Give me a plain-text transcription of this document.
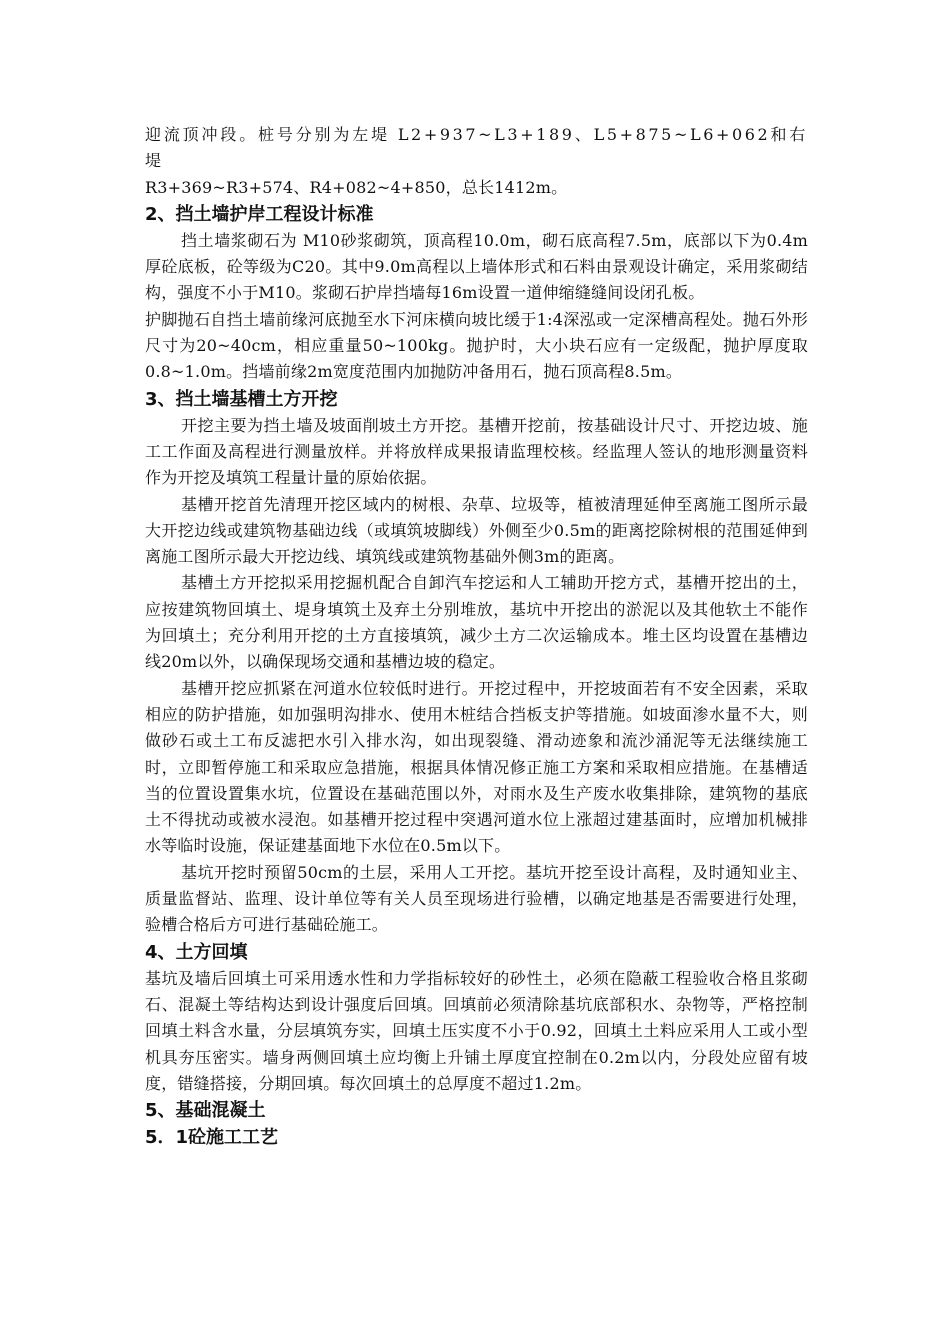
迎流顶冲段。桩号分别为左堤 L2+937~L3+189、L5+875~L6+062和右堤

R3+369~R3+574、R4+082~4+850，总长1412m。

2、挡土墙护岸工程设计标准

挡土墙浆砌石为 M10砂浆砌筑，顶高程10.0m，砌石底高程7.5m，底部以下为0.4m厚砼底板，砼等级为C20。其中9.0m高程以上墙体形式和石料由景观设计确定，采用浆砌结构，强度不小于M10。浆砌石护岸挡墙每16m设置一道伸缩缝缝间设闭孔板。

护脚抛石自挡土墙前缘河底抛至水下河床横向坡比缓于1:4深泓或一定深槽高程处。抛石外形尺寸为20~40cm，相应重量50~100kg。抛护时，大小块石应有一定级配，抛护厚度取0.8~1.0m。挡墙前缘2m宽度范围内加抛防冲备用石，抛石顶高程8.5m。

3、挡土墙基槽土方开挖

开挖主要为挡土墙及坡面削坡土方开挖。基槽开挖前，按基础设计尺寸、开挖边坡、施工工作面及高程进行测量放样。并将放样成果报请监理校核。经监理人签认的地形测量资料作为开挖及填筑工程量计量的原始依据。

基槽开挖首先清理开挖区域内的树根、杂草、垃圾等，植被清理延伸至离施工图所示最大开挖边线或建筑物基础边线（或填筑坡脚线）外侧至少0.5m的距离挖除树根的范围延伸到离施工图所示最大开挖边线、填筑线或建筑物基础外侧3m的距离。

基槽土方开挖拟采用挖掘机配合自卸汽车挖运和人工辅助开挖方式，基槽开挖出的土，应按建筑物回填土、堤身填筑土及弃土分别堆放，基坑中开挖出的淤泥以及其他软土不能作为回填土；充分利用开挖的土方直接填筑，减少土方二次运输成本。堆土区均设置在基槽边线20m以外，以确保现场交通和基槽边坡的稳定。

基槽开挖应抓紧在河道水位较低时进行。开挖过程中，开挖坡面若有不安全因素，采取相应的防护措施，如加强明沟排水、使用木桩结合挡板支护等措施。如坡面渗水量不大，则做砂石或土工布反滤把水引入排水沟，如出现裂缝、滑动迹象和流沙涌泥等无法继续施工时，立即暂停施工和采取应急措施，根据具体情况修正施工方案和采取相应措施。在基槽适当的位置设置集水坑，位置设在基础范围以外，对雨水及生产废水收集排除，建筑物的基底土不得扰动或被水浸泡。如基槽开挖过程中突遇河道水位上涨超过建基面时，应增加机械排水等临时设施，保证建基面地下水位在0.5m以下。

基坑开挖时预留50cm的土层，采用人工开挖。基坑开挖至设计高程，及时通知业主、质量监督站、监理、设计单位等有关人员至现场进行验槽，以确定地基是否需要进行处理，验槽合格后方可进行基础砼施工。

4、土方回填

基坑及墙后回填土可采用透水性和力学指标较好的砂性土，必须在隐蔽工程验收合格且浆砌石、混凝土等结构达到设计强度后回填。回填前必须清除基坑底部积水、杂物等，严格控制回填土料含水量，分层填筑夯实，回填土压实度不小于0.92，回填土土料应采用人工或小型机具夯压密实。墙身两侧回填土应均衡上升铺土厚度宜控制在0.2m以内，分段处应留有坡度，错缝搭接，分期回填。每次回填土的总厚度不超过1.2m。

5、基础混凝土
5．1砼施工工艺
